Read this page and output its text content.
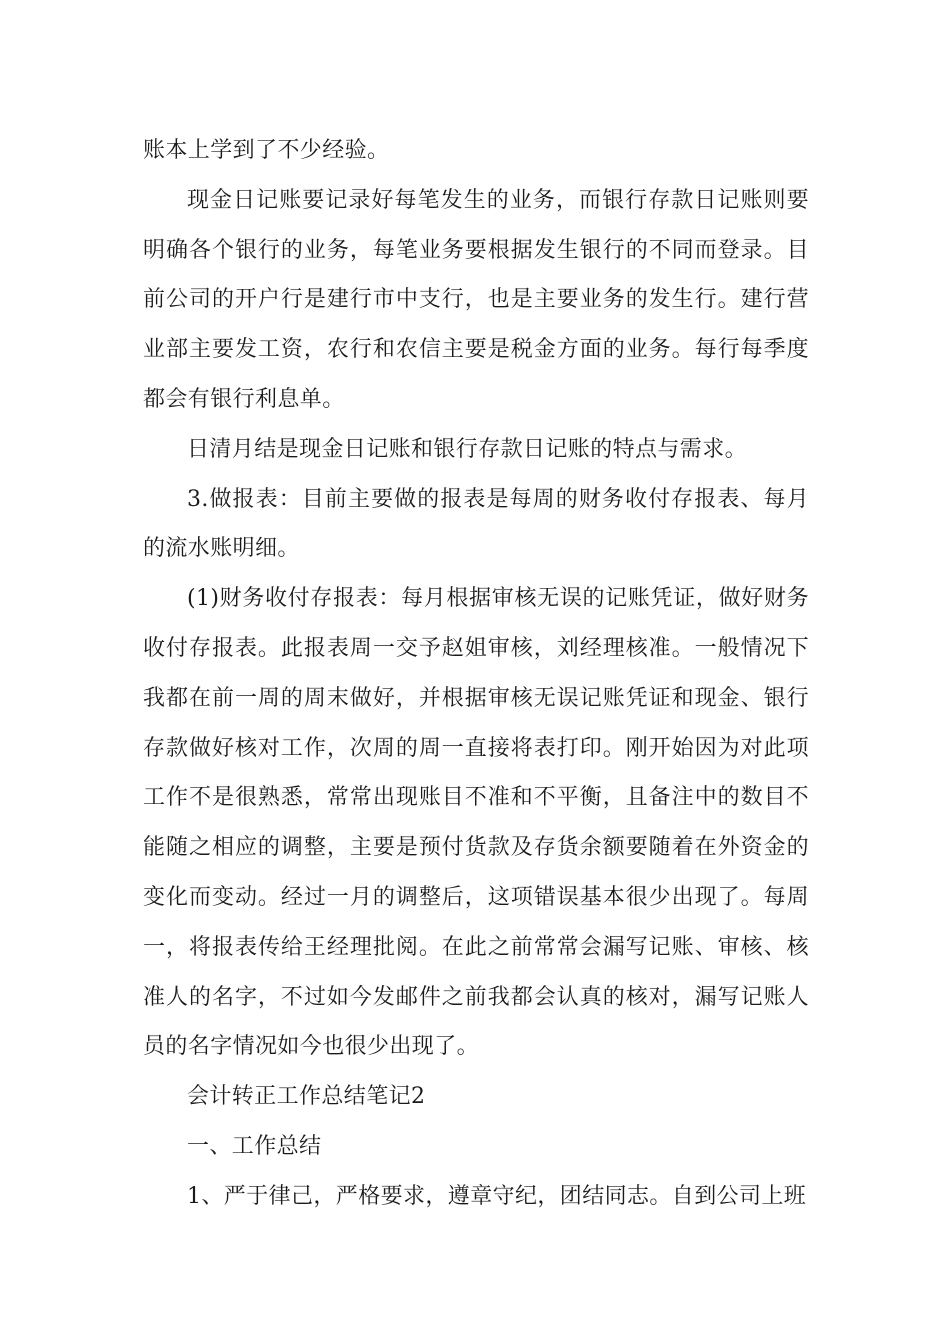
账本上学到了不少经验。

现金日记账要记录好每笔发生的业务，而银行存款日记账则要明确各个银行的业务，每笔业务要根据发生银行的不同而登录。目前公司的开户行是建行市中支行，也是主要业务的发生行。建行营业部主要发工资，农行和农信主要是税金方面的业务。每行每季度都会有银行利息单。

日清月结是现金日记账和银行存款日记账的特点与需求。

3.做报表：目前主要做的报表是每周的财务收付存报表、每月的流水账明细。

(1)财务收付存报表：每月根据审核无误的记账凭证，做好财务收付存报表。此报表周一交予赵姐审核，刘经理核准。一般情况下我都在前一周的周末做好，并根据审核无误记账凭证和现金、银行存款做好核对工作，次周的周一直接将表打印。刚开始因为对此项工作不是很熟悉，常常出现账目不准和不平衡，且备注中的数目不能随之相应的调整，主要是预付货款及存货余额要随着在外资金的变化而变动。经过一月的调整后，这项错误基本很少出现了。每周一，将报表传给王经理批阅。在此之前常常会漏写记账、审核、核准人的名字，不过如今发邮件之前我都会认真的核对，漏写记账人员的名字情况如今也很少出现了。

会计转正工作总结笔记2

一、工作总结

1、严于律己，严格要求，遵章守纪，团结同志。自到公司上班
